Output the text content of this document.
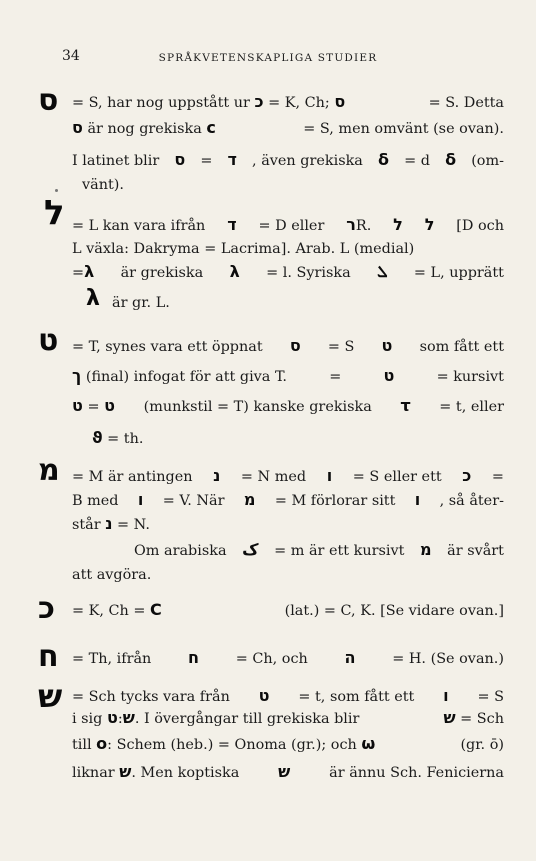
34	SPRÅKVETENSKAPLIGA STUDIER
ס = S, har nog uppstått ur כ = K, Ch; ס	= S. Detta
ס är nog grekiska ϲ	= S, men omvänt (se ovan).
I latinet blir ס = ד , även grekiska δ = d δ (om-
vänt).
ל = L kan vara ifrån ד = D eller רR. ל ל [D och
L växla: Dakryma = Lacrima]. Arab. L (medial)
=λ är grekiska λ = l. Syriska ܠ = L, upprätt
λ är gr. L.
ט = T, synes vara ett öppnat ס = S ט som fått ett
ך (final) infogat för att giva T.	=	ט	= kursivt
ט = ט (munkstil = T) kanske grekiska τ = t, eller
ϑ = th.
מ = M är antingen נ = N med ו = S eller ett כ =
B med ו = V. När מ = M förlorar sitt ו , så åter-
står נ = N.
Om arabiska ک = m är ett kursivt מ är svårt
att avgöra.
כ = K, Ch = C	(lat.) = C, K. [Se vidare ovan.]
ח = Th, ifrån ח	= Ch, och ה	= H. (Se ovan.)
ש = Sch tycks vara från ט = t, som fått ett ו = S
i sig ט:ש. I övergångar till grekiska blir	ש = Sch
till o: Schem (heb.) = Onoma (gr.); och ω	(gr. ō)
liknar ש. Men koptiska ש	är ännu Sch. Fenicierna
